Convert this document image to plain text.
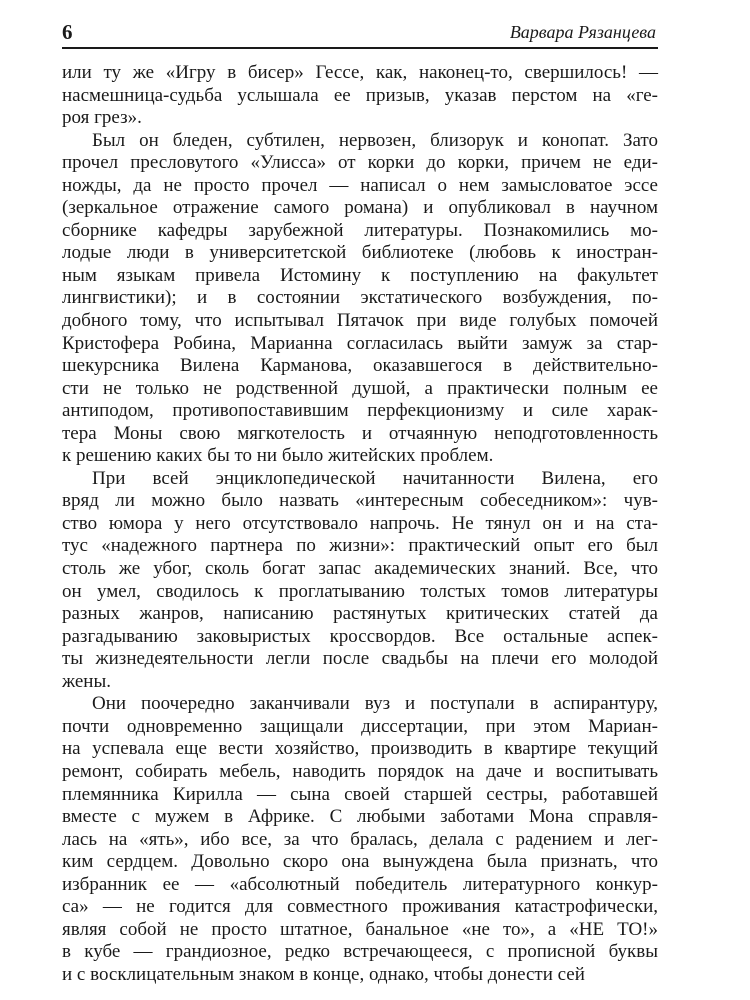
6	Варвара Рязанцева
или ту же «Игру в бисер» Гессе, как, наконец-то, свершилось! —
насмешница-судьба услышала ее призыв, указав перстом на «ге-
роя грез».
Был он бледен, субтилен, нервозен, близорук и конопат. Зато
прочел пресловутого «Улисса» от корки до корки, причем не еди-
ножды, да не просто прочел — написал о нем замысловатое эссе
(зеркальное отражение самого романа) и опубликовал в научном
сборнике кафедры зарубежной литературы. Познакомились мо-
лодые люди в университетской библиотеке (любовь к иностран-
ным языкам привела Истомину к поступлению на факультет
лингвистики); и в состоянии экстатического возбуждения, по-
добного тому, что испытывал Пятачок при виде голубых помочей
Кристофера Робина, Марианна согласилась выйти замуж за стар-
шекурсника Вилена Карманова, оказавшегося в действительно-
сти не только не родственной душой, а практически полным ее
антиподом, противопоставившим перфекционизму и силе харак-
тера Моны свою мягкотелость и отчаянную неподготовленность
к решению каких бы то ни было житейских проблем.
При всей энциклопедической начитанности Вилена, его
вряд ли можно было назвать «интересным собеседником»: чув-
ство юмора у него отсутствовало напрочь. Не тянул он и на ста-
тус «надежного партнера по жизни»: практический опыт его был
столь же убог, сколь богат запас академических знаний. Все, что
он умел, сводилось к проглатыванию толстых томов литературы
разных жанров, написанию растянутых критических статей да
разгадыванию заковыристых кроссвордов. Все остальные аспек-
ты жизнедеятельности легли после свадьбы на плечи его молодой
жены.
Они поочередно заканчивали вуз и поступали в аспирантуру,
почти одновременно защищали диссертации, при этом Мариан-
на успевала еще вести хозяйство, производить в квартире текущий
ремонт, собирать мебель, наводить порядок на даче и воспитывать
племянника Кирилла — сына своей старшей сестры, работавшей
вместе с мужем в Африке. С любыми заботами Мона справля-
лась на «ять», ибо все, за что бралась, делала с радением и лег-
ким сердцем. Довольно скоро она вынуждена была признать, что
избранник ее — «абсолютный победитель литературного конкур-
са» — не годится для совместного проживания катастрофически,
являя собой не просто штатное, банальное «не то», а «НЕ ТО!»
в кубе — грандиозное, редко встречающееся, с прописной буквы
и с восклицательным знаком в конце, однако, чтобы донести сей
